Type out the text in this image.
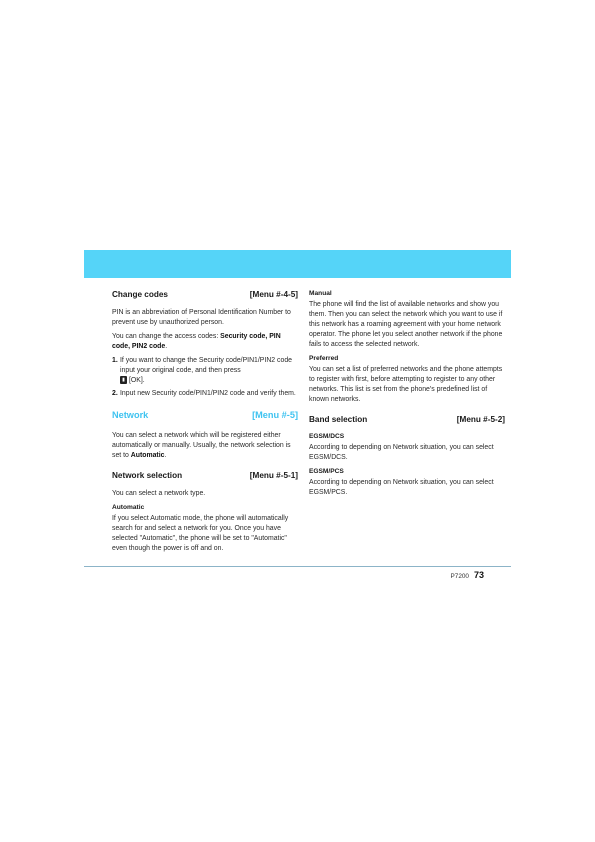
Change codes	[Menu #-4-5]

PIN is an abbreviation of Personal Identification Number to prevent use by unauthorized person.

You can change the access codes: Security code, PIN code, PIN2 code.

1. If you want to change the Security code/PIN1/PIN2 code input your original code, and then press
▮ [OK].
2. Input new Security code/PIN1/PIN2 code and verify them.
Network	[Menu #-5]

You can select a network which will be registered either automatically or manually. Usually, the network selection is set to Automatic.

Network selection	[Menu #-5-1]

You can select a network type.

Automatic

If you select Automatic mode, the phone will automatically search for and select a network for you. Once you have selected "Automatic", the phone will be set to "Automatic" even though the power is off and on.

Manual

The phone will find the list of available networks and show you them. Then you can select the network which you want to use if this network has a roaming agreement with your home network operator. The phone let you select another network if the phone fails to access the selected network.

Preferred

You can set a list of preferred networks and the phone attempts to register with first, before attempting to register to any other networks. This list is set from the phone's predefined list of known networks.

Band selection	[Menu #-5-2]
EGSM/DCS

According to depending on Network situation, you can select EGSM/DCS.

EGSM/PCS

According to depending on Network situation, you can select EGSM/PCS.

P7200 73
